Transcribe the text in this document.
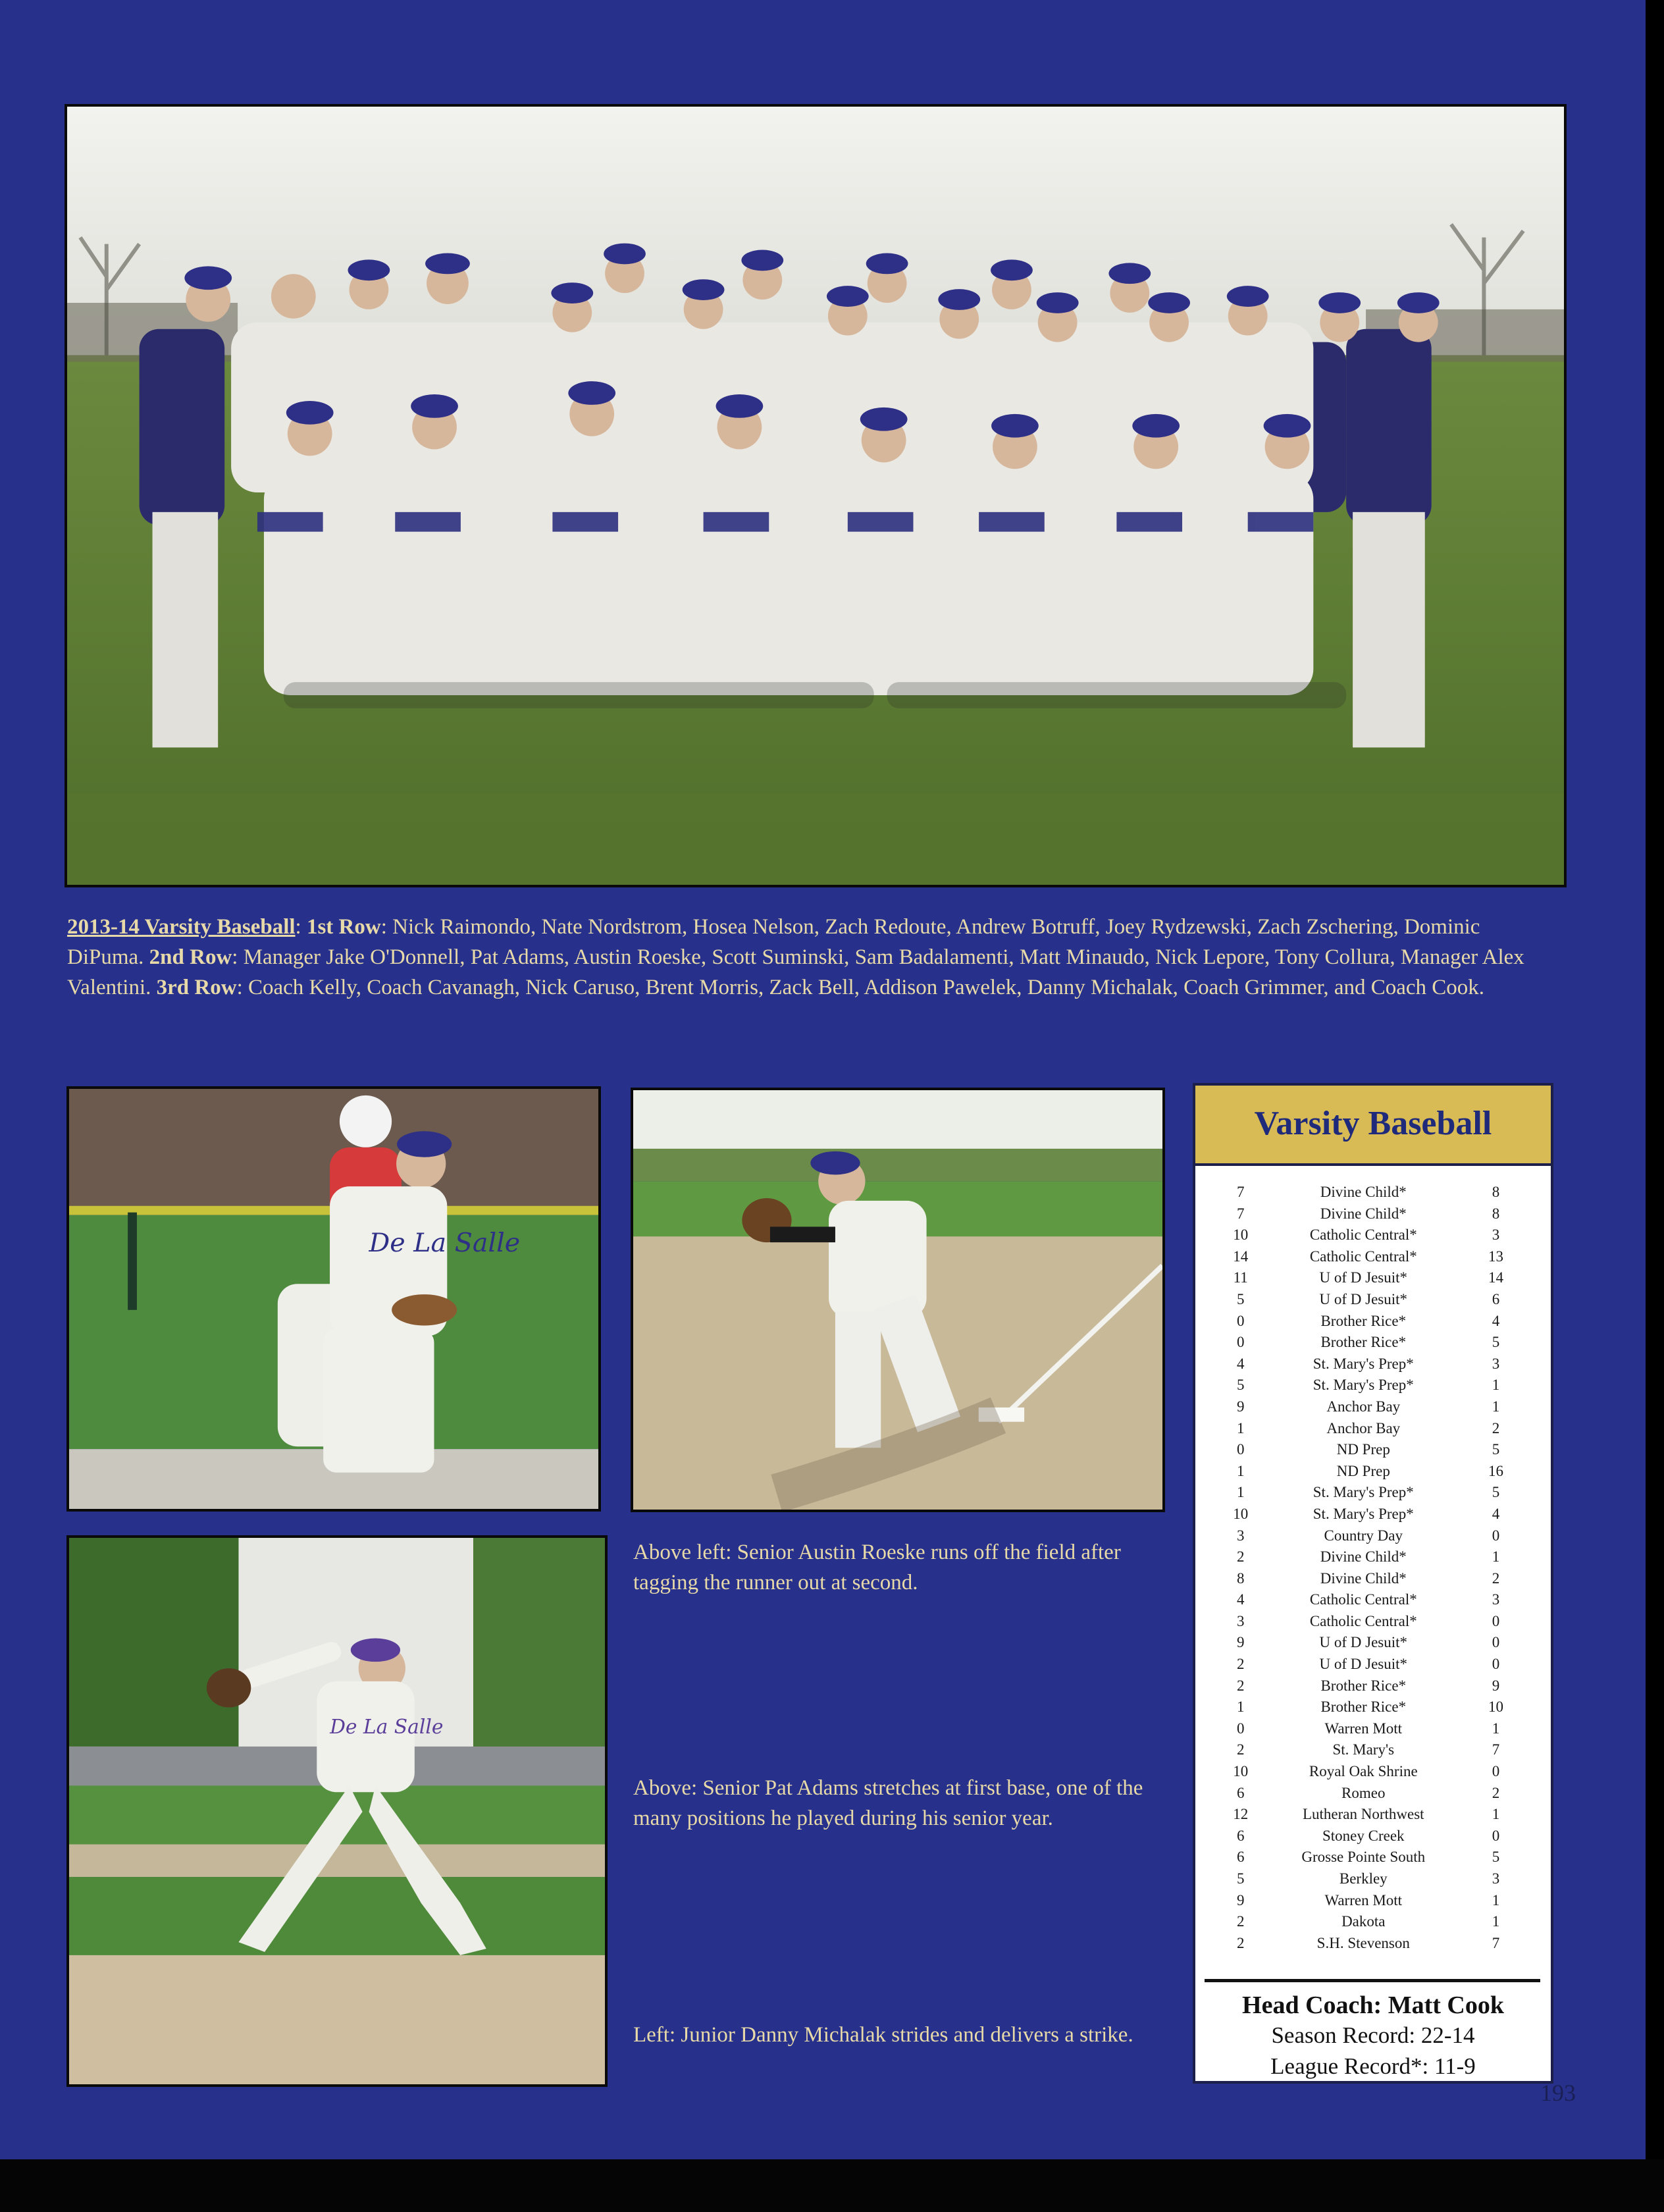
2013-14 Varsity Baseball: 1st Row: Nick Raimondo, Nate Nordstrom, Hosea Nelson, Zach Redoute, Andrew Botruff, Joey Rydzewski, Zach Zschering, Dominic DiPuma. 2nd Row: Manager Jake O'Donnell, Pat Adams, Austin Roeske, Scott Suminski, Sam Badalamenti, Matt Minaudo, Nick Lepore, Tony Collura, Manager Alex Valentini. 3rd Row: Coach Kelly, Coach Cavanagh, Nick Caruso, Brent Morris, Zack Bell, Addison Pawelek, Danny Michalak, Coach Grimmer, and Coach Cook.
De La Salle
De La Salle
Above left: Senior Austin Roeske runs off the field after tagging the runner out at second.
Above: Senior Pat Adams stretches at first base, one of the many positions he played during his senior year.
Left: Junior Danny Michalak strides and delivers a strike.
Varsity Baseball
7	Divine Child*	8
7	Divine Child*	8
10	Catholic Central*	3
14	Catholic Central*	13
11	U of D Jesuit*	14
5	U of D Jesuit*	6
0	Brother Rice*	4
0	Brother Rice*	5
4	St. Mary's Prep*	3
5	St. Mary's Prep*	1
9	Anchor Bay	1
1	Anchor Bay	2
0	ND Prep	5
1	ND Prep	16
1	St. Mary's Prep*	5
10	St. Mary's Prep*	4
3	Country Day	0
2	Divine Child*	1
8	Divine Child*	2
4	Catholic Central*	3
3	Catholic Central*	0
9	U of D Jesuit*	0
2	U of D Jesuit*	0
2	Brother Rice*	9
1	Brother Rice*	10
0	Warren Mott	1
2	St. Mary's	7
10	Royal Oak Shrine	0
6	Romeo	2
12	Lutheran Northwest	1
6	Stoney Creek	0
6	Grosse Pointe South	5
5	Berkley	3
9	Warren Mott	1
2	Dakota	1
2	S.H. Stevenson	7
Head Coach: Matt Cook
Season Record: 22-14
League Record*: 11-9
193
